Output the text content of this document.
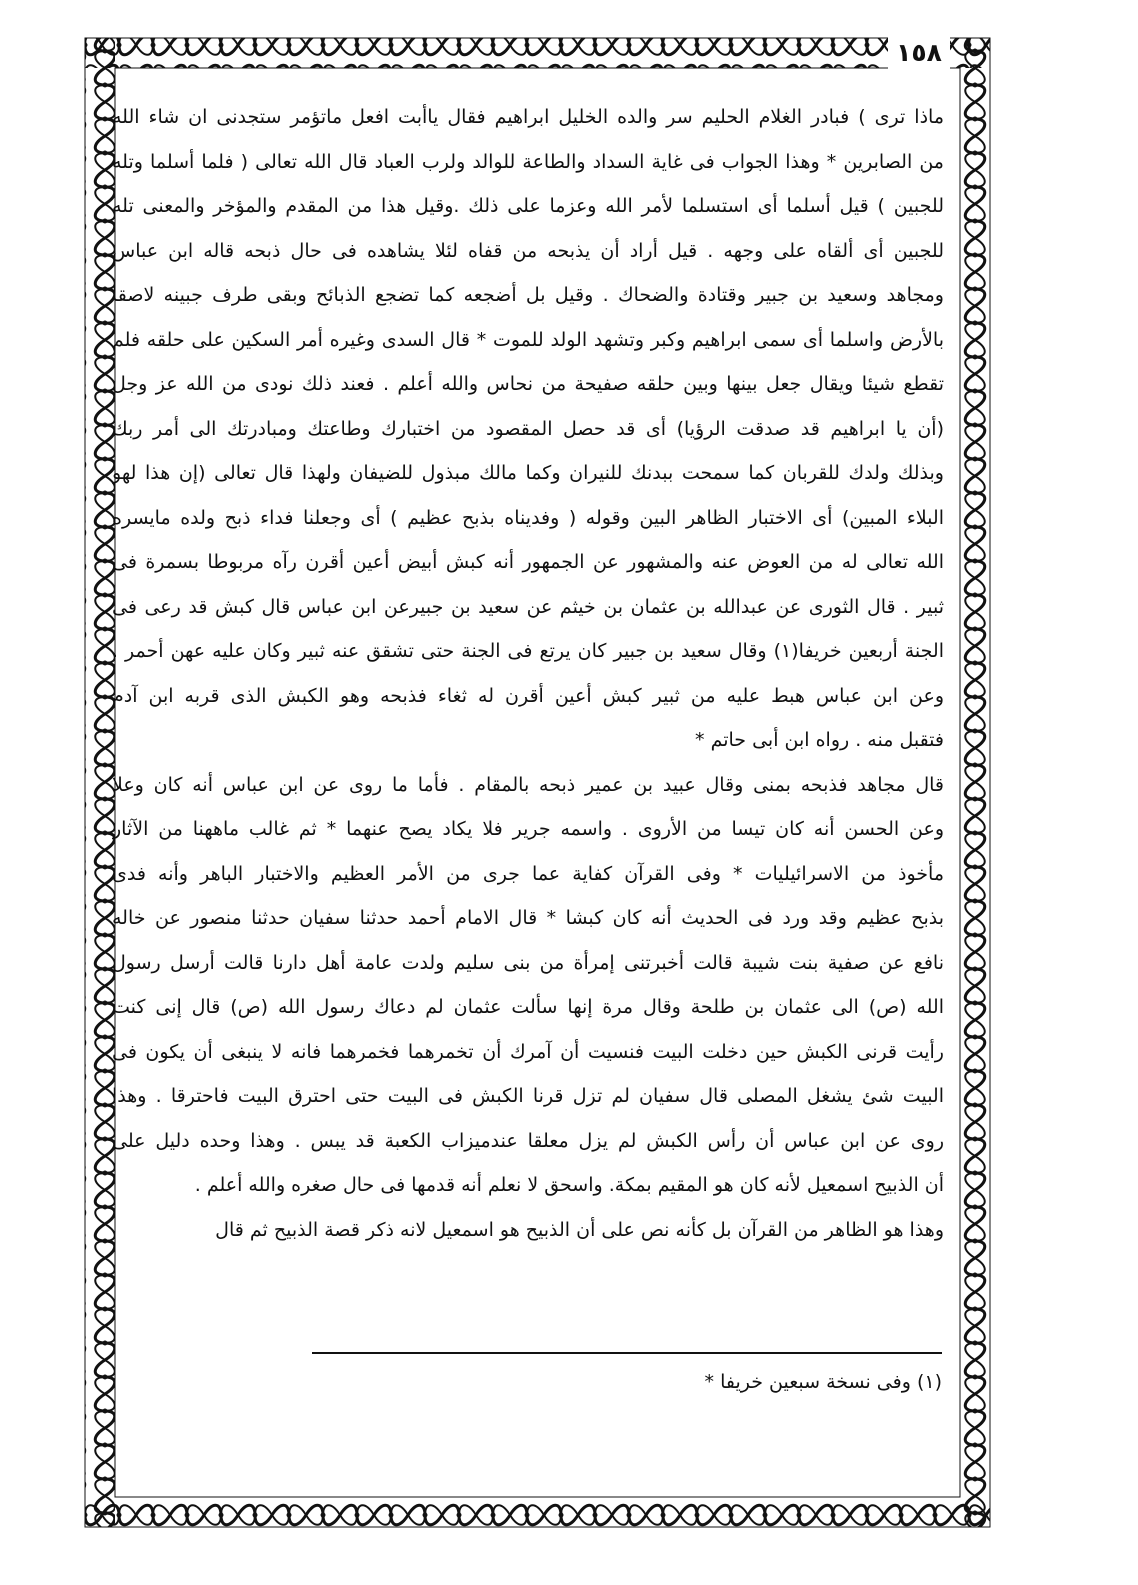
١٥٨
ماذا ترى ) فبادر الغلام الحليم سر والده الخليل ابراهيم فقال ياأبت افعل ماتؤمر ستجدنى ان شاء الله
من الصابرين * وهذا الجواب فى غاية السداد والطاعة للوالد ولرب العباد قال الله تعالى ( فلما أسلما وتله
للجبين ) قيل أسلما أى استسلما لأمر الله وعزما على ذلك .وقيل هذا من المقدم والمؤخر والمعنى تله
للجبين أى ألقاه على وجهه . قيل أراد أن يذبحه من قفاه لئلا يشاهده فى حال ذبحه قاله ابن عباس
ومجاهد وسعيد بن جبير وقتادة والضحاك . وقيل بل أضجعه كما تضجع الذبائح وبقى طرف جبينه لاصقا
بالأرض واسلما أى سمى ابراهيم وكبر وتشهد الولد للموت * قال السدى وغيره أمر السكين على حلقه فلم
تقطع شيئا ويقال جعل بينها وبين حلقه صفيحة من نحاس والله أعلم . فعند ذلك نودى من الله عز وجل
(أن يا ابراهيم قد صدقت الرؤيا) أى قد حصل المقصود من اختبارك وطاعتك ومبادرتك الى أمر ربك
وبذلك ولدك للقربان كما سمحت ببدنك للنيران وكما مالك مبذول للضيفان ولهذا قال تعالى (إن هذا لهو
البلاء المبين) أى الاختبار الظاهر البين وقوله ( وفديناه بذبح عظيم ) أى وجعلنا فداء ذبح ولده مايسره
الله تعالى له من العوض عنه والمشهور عن الجمهور أنه كبش أبيض أعين أقرن رآه مربوطا بسمرة فى
ثبير . قال الثورى عن عبدالله بن عثمان بن خيثم عن سعيد بن جبيرعن ابن عباس قال كبش قد رعى فى
الجنة أربعين خريفا(١) وقال سعيد بن جبير كان يرتع فى الجنة حتى تشقق عنه ثبير وكان عليه عهن أحمر .
وعن ابن عباس هبط عليه من ثبير كبش أعين أقرن له ثغاء فذبحه وهو الكبش الذى قربه ابن آدم
فتقبل منه . رواه ابن أبى حاتم *
قال مجاهد فذبحه بمنى وقال عبيد بن عمير ذبحه بالمقام . فأما ما روى عن ابن عباس أنه كان وعلا
وعن الحسن أنه كان تيسا من الأروى . واسمه جرير فلا يكاد يصح عنهما * ثم غالب ماههنا من الآثار
مأخوذ من الاسرائيليات * وفى القرآن كفاية عما جرى من الأمر العظيم والاختبار الباهر وأنه فدى
بذبح عظيم وقد ورد فى الحديث أنه كان كبشا * قال الامام أحمد حدثنا سفيان حدثنا منصور عن خاله
نافع عن صفية بنت شيبة قالت أخبرتنى إمرأة من بنى سليم ولدت عامة أهل دارنا قالت أرسل رسول
الله (ص) الى عثمان بن طلحة وقال مرة إنها سألت عثمان لم دعاك رسول الله (ص) قال إنى كنت
رأيت قرنى الكبش حين دخلت البيت فنسيت أن آمرك أن تخمرهما فخمرهما فانه لا ينبغى أن يكون فى
البيت شئ يشغل المصلى قال سفيان لم تزل قرنا الكبش فى البيت حتى احترق البيت فاحترقا . وهذا
روى عن ابن عباس أن رأس الكبش لم يزل معلقا عندميزاب الكعبة قد يبس . وهذا وحده دليل على
أن الذبيح اسمعيل لأنه كان هو المقيم بمكة. واسحق لا نعلم أنه قدمها فى حال صغره والله أعلم .
وهذا هو الظاهر من القرآن بل كأنه نص على أن الذبيح هو اسمعيل لانه ذكر قصة الذبيح ثم قال
(١) وفى نسخة سبعين خريفا *
